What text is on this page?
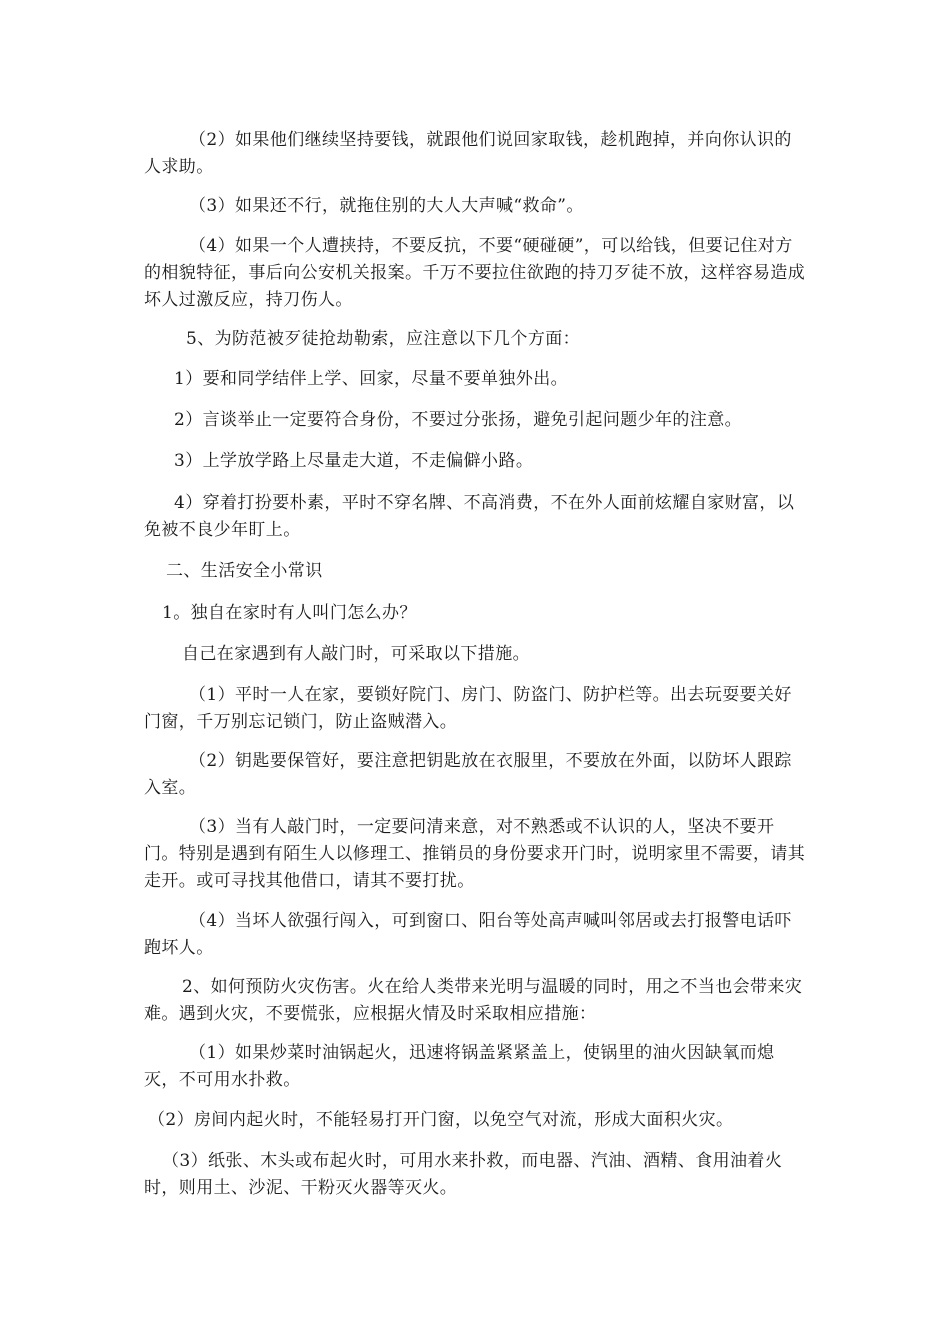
（2）如果他们继续坚持要钱，就跟他们说回家取钱，趁机跑掉，并向你认识的人求助。

（3）如果还不行，就拖住别的大人大声喊“救命”。

（4）如果一个人遭挟持，不要反抗，不要“硬碰硬”，可以给钱，但要记住对方的相貌特征，事后向公安机关报案。千万不要拉住欲跑的持刀歹徒不放，这样容易造成坏人过激反应，持刀伤人。

5、为防范被歹徒抢劫勒索，应注意以下几个方面：

1）要和同学结伴上学、回家，尽量不要单独外出。

2）言谈举止一定要符合身份，不要过分张扬，避免引起问题少年的注意。

3）上学放学路上尽量走大道，不走偏僻小路。

4）穿着打扮要朴素，平时不穿名牌、不高消费，不在外人面前炫耀自家财富，以免被不良少年盯上。

二、生活安全小常识

1。独自在家时有人叫门怎么办？

自己在家遇到有人敲门时，可采取以下措施。

（1）平时一人在家，要锁好院门、房门、防盗门、防护栏等。出去玩耍要关好门窗，千万别忘记锁门，防止盗贼潜入。

（2）钥匙要保管好，要注意把钥匙放在衣服里，不要放在外面，以防坏人跟踪入室。

（3）当有人敲门时，一定要问清来意，对不熟悉或不认识的人，坚决不要开门。特别是遇到有陌生人以修理工、推销员的身份要求开门时，说明家里不需要，请其走开。或可寻找其他借口，请其不要打扰。

（4）当坏人欲强行闯入，可到窗口、阳台等处高声喊叫邻居或去打报警电话吓跑坏人。

2、如何预防火灾伤害。火在给人类带来光明与温暖的同时，用之不当也会带来灾难。遇到火灾，不要慌张，应根据火情及时采取相应措施：

（1）如果炒菜时油锅起火，迅速将锅盖紧紧盖上，使锅里的油火因缺氧而熄灭，不可用水扑救。

（2）房间内起火时，不能轻易打开门窗，以免空气对流，形成大面积火灾。

（3）纸张、木头或布起火时，可用水来扑救，而电器、汽油、酒精、食用油着火时，则用土、沙泥、干粉灭火器等灭火。
